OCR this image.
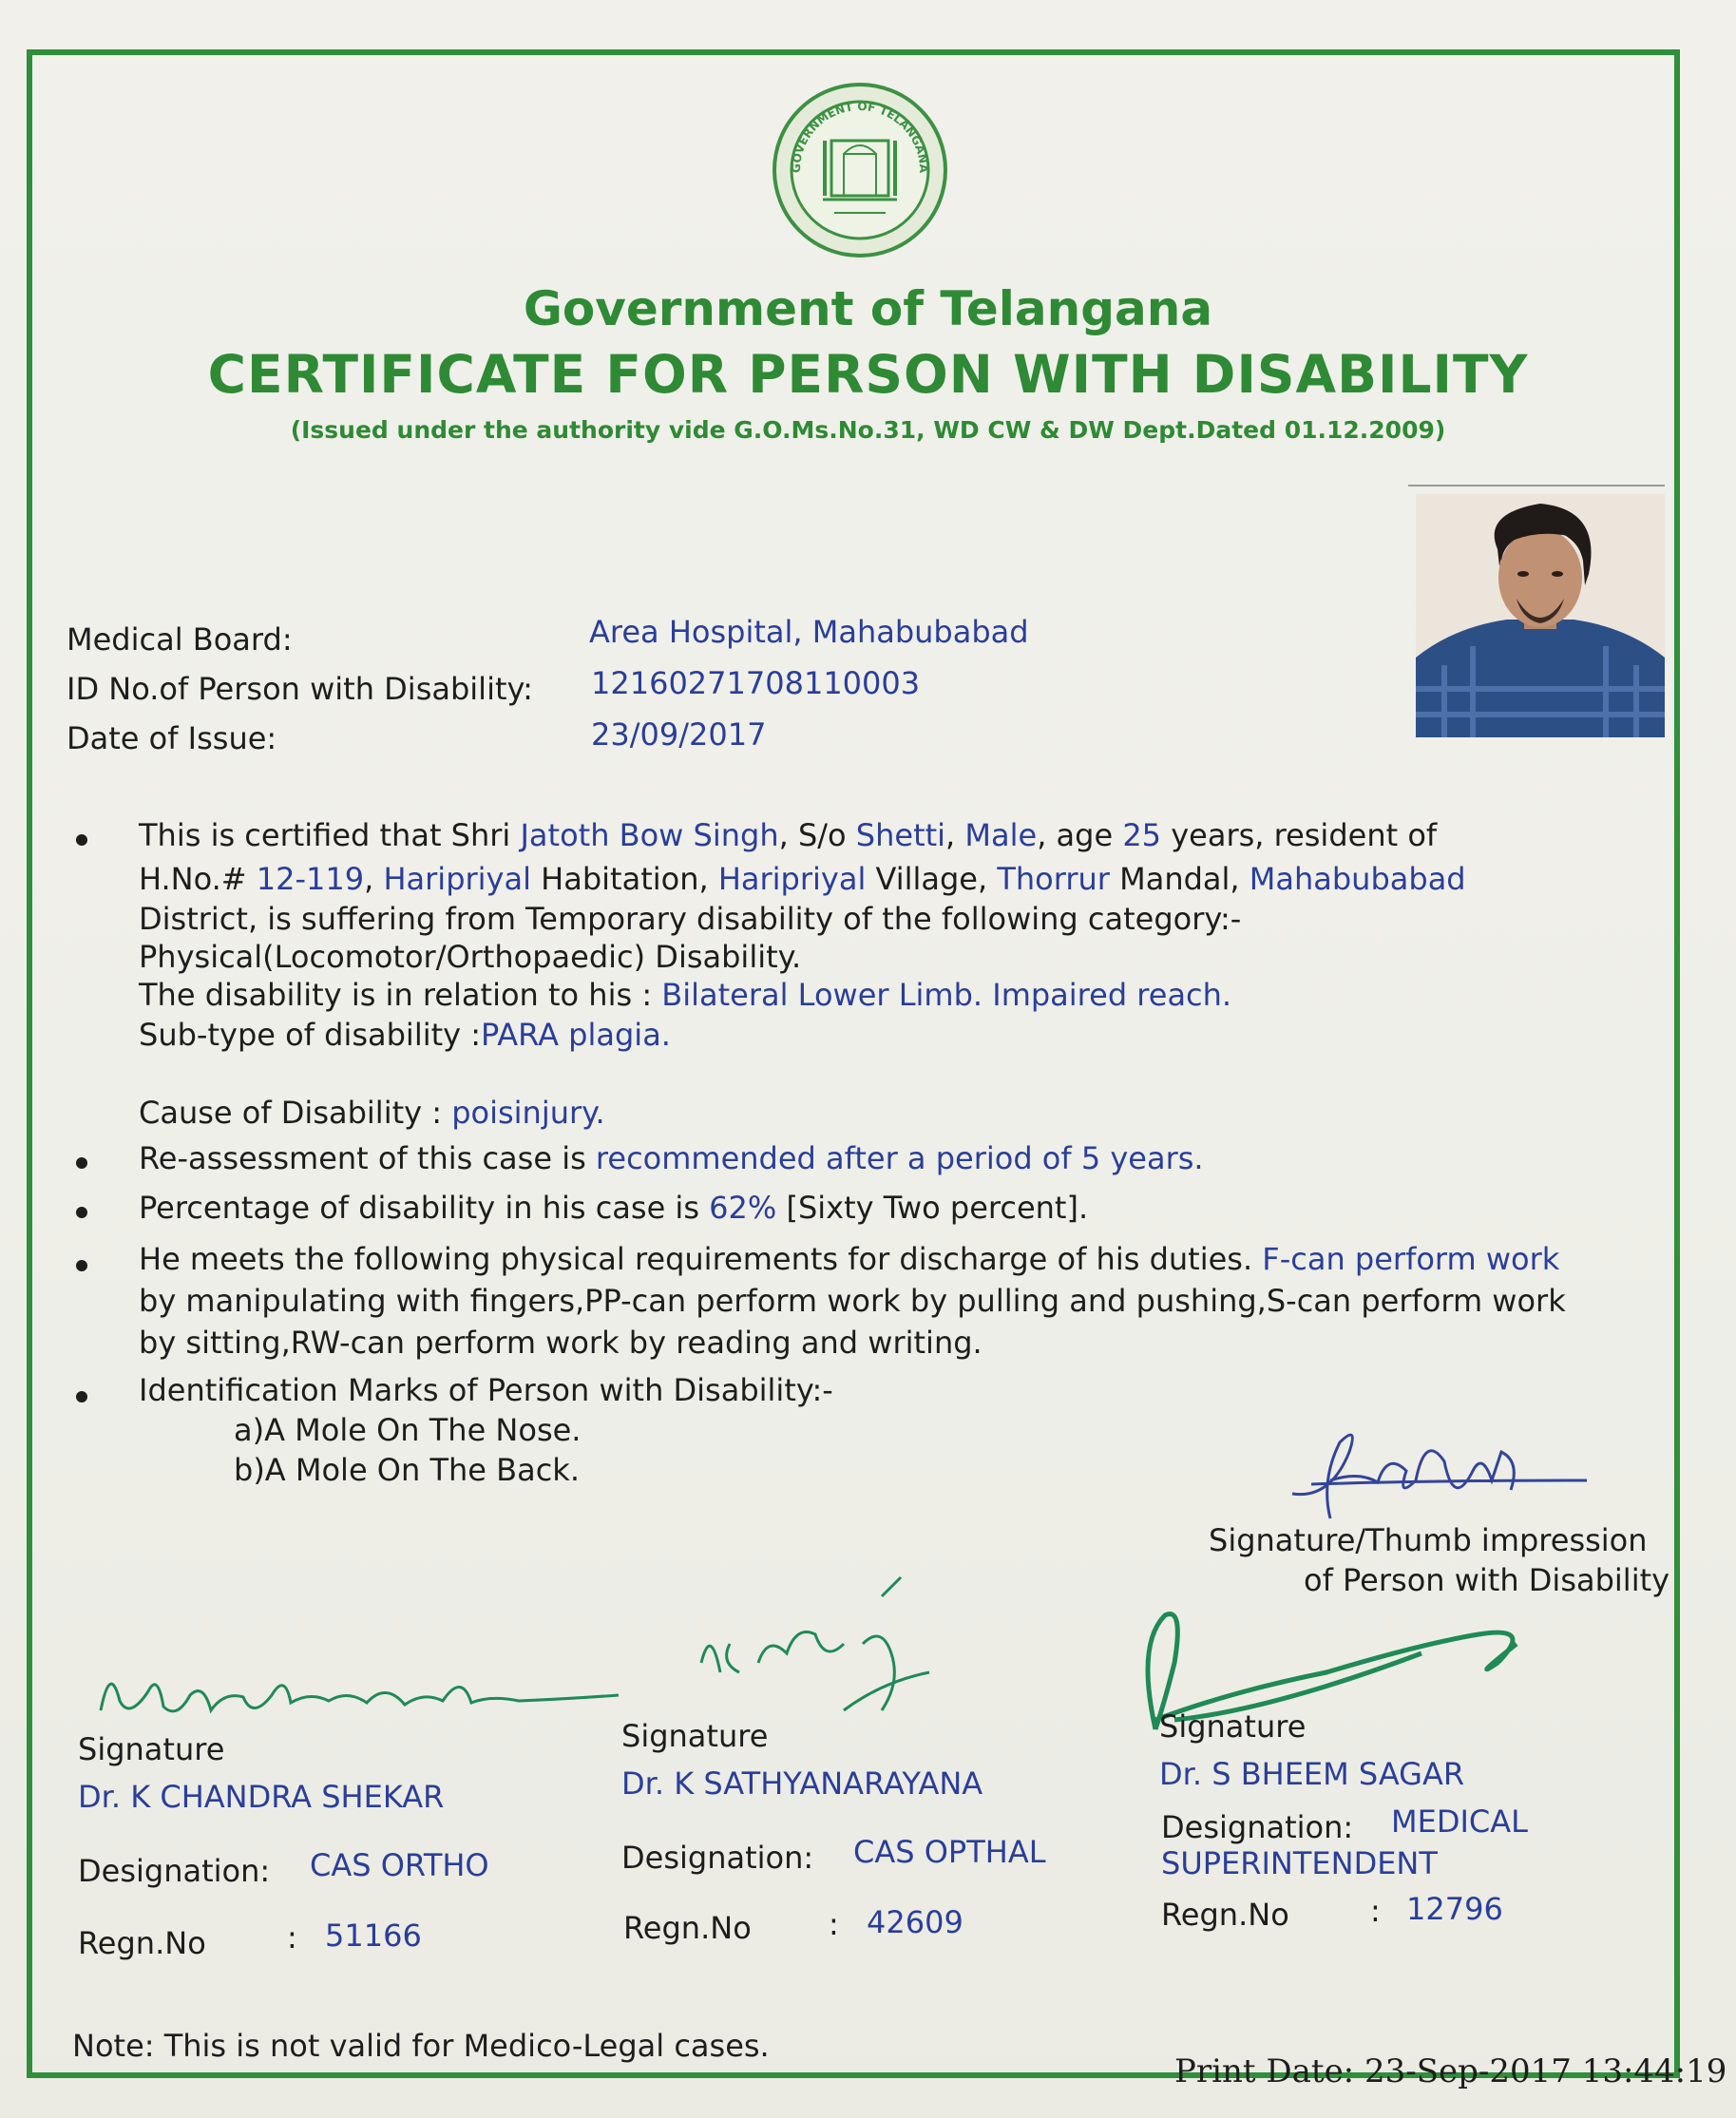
GOVERNMENT OF TELANGANA
Government of Telangana
CERTIFICATE FOR PERSON WITH DISABILITY
(Issued under the authority vide G.O.Ms.No.31, WD CW & DW Dept.Dated 01.12.2009)
Medical Board:	Area Hospital, Mahabubabad
ID No.of Person with Disability: 12160271708110003
Date of Issue:	23/09/2017
This is certified that Shri Jatoth Bow Singh, S/o Shetti, Male, age 25 years, resident of
H.No.# 12-119, Haripriyal Habitation, Haripriyal Village, Thorrur Mandal, Mahabubabad
District, is suffering from Temporary disability of the following category:-
Physical(Locomotor/Orthopaedic) Disability.
The disability is in relation to his : Bilateral Lower Limb. Impaired reach.
Sub-type of disability :PARA plagia.
Cause of Disability : poisinjury.
Re-assessment of this case is recommended after a period of 5 years.
Percentage of disability in his case is 62% [Sixty Two percent].
He meets the following physical requirements for discharge of his duties. F-can perform work
by manipulating with fingers,PP-can perform work by pulling and pushing,S-can perform work
by sitting,RW-can perform work by reading and writing.
Identification Marks of Person with Disability:-
a)A Mole On The Nose.
b)A Mole On The Back.
Signature/Thumb impression
of Person with Disability
Signature
Dr. K CHANDRA SHEKAR
Designation: CAS ORTHO
Regn.No	: 51166
Signature
Dr. K SATHYANARAYANA
Designation: CAS OPTHAL
Regn.No	: 42609
Signature
Dr. S BHEEM SAGAR
Designation: MEDICAL
SUPERINTENDENT
Regn.No	: 12796
Note: This is not valid for Medico-Legal cases.
Print Date: 23-Sep-2017 13:44:19
